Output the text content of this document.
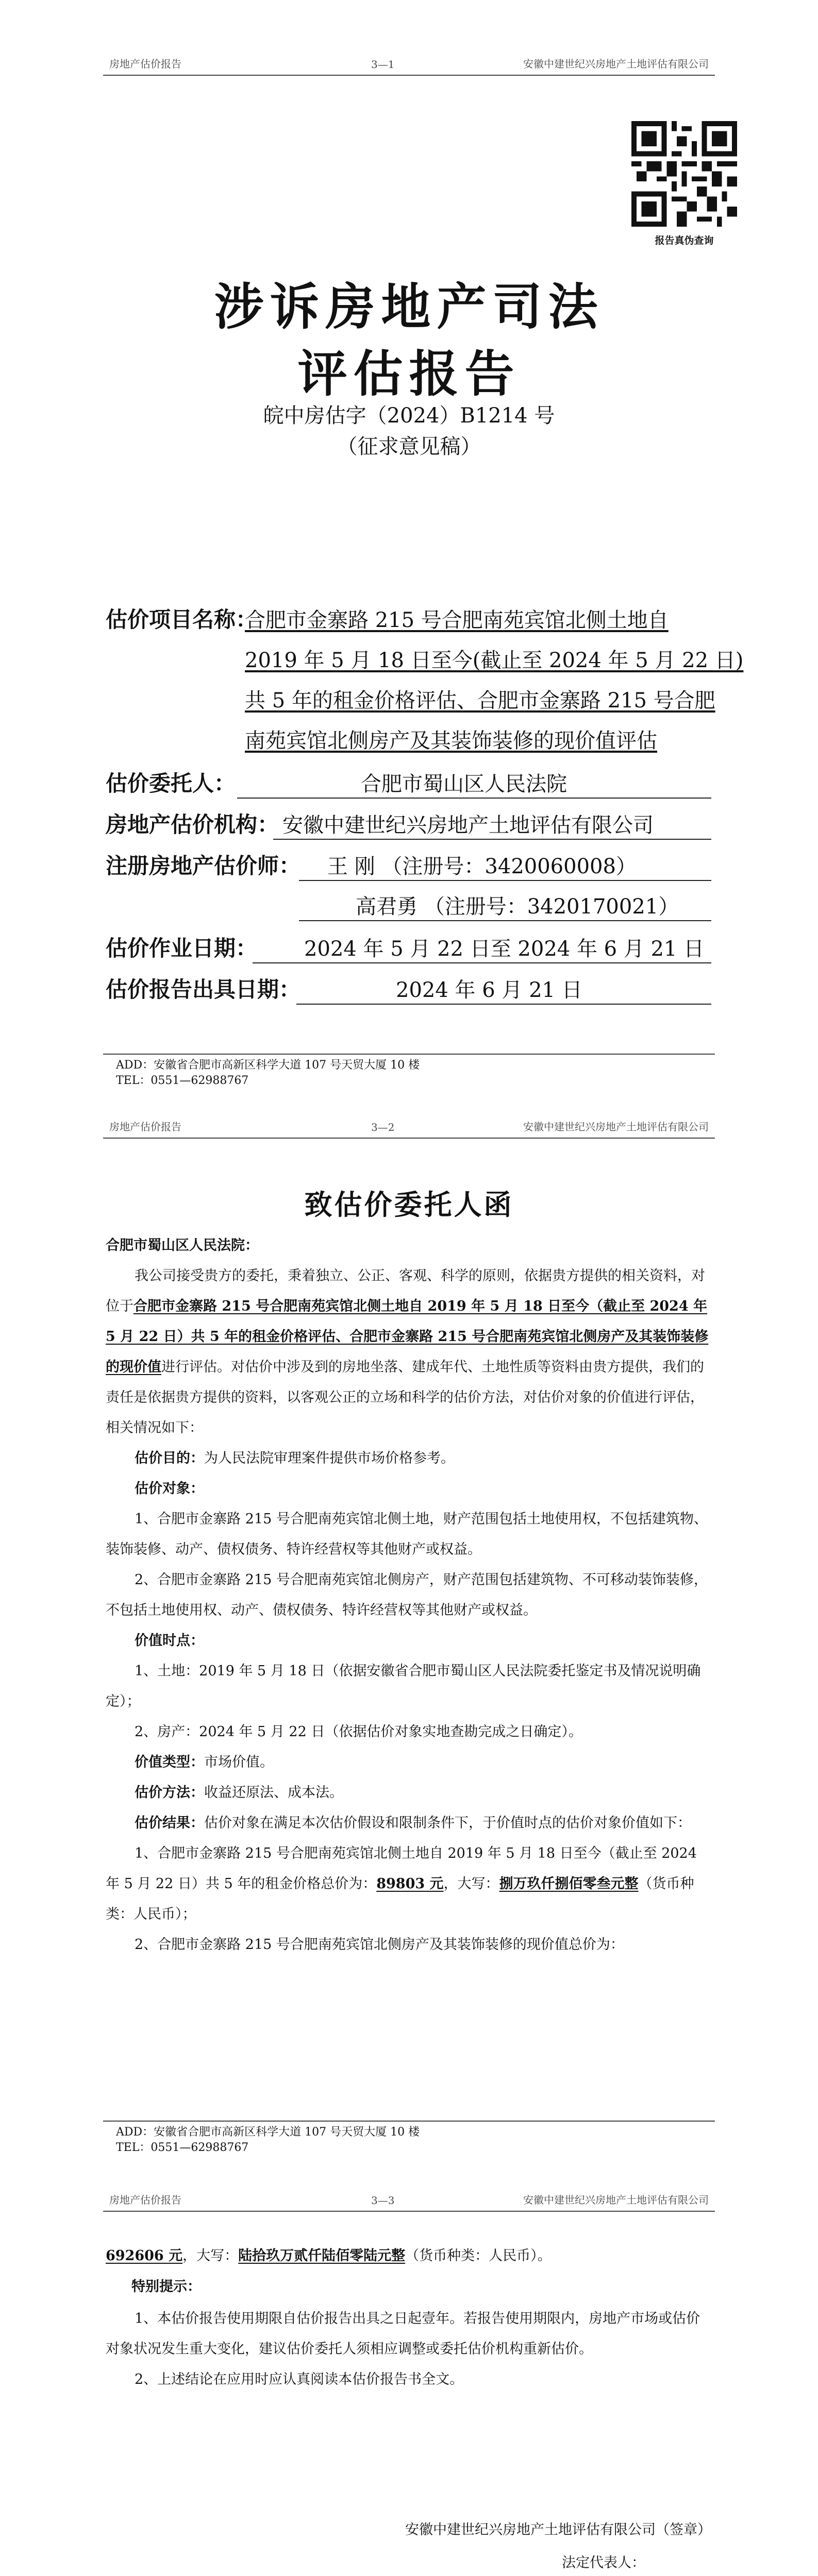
房地产估价报告	3—1	安徽中建世纪兴房地产土地评估有限公司
报告真伪查询
涉诉房地产司法
评估报告
皖中房估字（2024）B1214 号
（征求意见稿）
估价项目名称：
合肥市金寨路 215 号合肥南苑宾馆北侧土地自
2019 年 5 月 18 日至今(截止至 2024 年 5 月 22 日)
共 5 年的租金价格评估、合肥市金寨路 215 号合肥
南苑宾馆北侧房产及其装饰装修的现价值评估
估价委托人：	合肥市蜀山区人民法院
房地产估价机构： 安徽中建世纪兴房地产土地评估有限公司
注册房地产估价师： 王 刚 （注册号：3420060008）
高君勇 （注册号：3420170021）
估价作业日期： 2024 年 5 月 22 日至 2024 年 6 月 21 日
估价报告出具日期：	2024 年 6 月 21 日
ADD：安徽省合肥市高新区科学大道 107 号天贸大厦 10 楼
TEL：0551—62988767
房地产估价报告	3—2	安徽中建世纪兴房地产土地评估有限公司
致估价委托人函

合肥市蜀山区人民法院：

我公司接受贵方的委托，秉着独立、公正、客观、科学的原则，依据贵方提供的相关资料，对位于合肥市金寨路 215 号合肥南苑宾馆北侧土地自 2019 年 5 月 18 日至今（截止至 2024 年 5 月 22 日）共 5 年的租金价格评估、合肥市金寨路 215 号合肥南苑宾馆北侧房产及其装饰装修的现价值进行评估。对估价中涉及到的房地坐落、建成年代、土地性质等资料由贵方提供，我们的责任是依据贵方提供的资料，以客观公正的立场和科学的估价方法，对估价对象的价值进行评估，相关情况如下：

估价目的：为人民法院审理案件提供市场价格参考。

估价对象：

1、合肥市金寨路 215 号合肥南苑宾馆北侧土地，财产范围包括土地使用权，不包括建筑物、装饰装修、动产、债权债务、特许经营权等其他财产或权益。

2、合肥市金寨路 215 号合肥南苑宾馆北侧房产，财产范围包括建筑物、不可移动装饰装修，不包括土地使用权、动产、债权债务、特许经营权等其他财产或权益。

价值时点：

1、土地：2019 年 5 月 18 日（依据安徽省合肥市蜀山区人民法院委托鉴定书及情况说明确定）；

2、房产：2024 年 5 月 22 日（依据估价对象实地查勘完成之日确定）。

价值类型：市场价值。

估价方法：收益还原法、成本法。

估价结果：估价对象在满足本次估价假设和限制条件下，于价值时点的估价对象价值如下：

1、合肥市金寨路 215 号合肥南苑宾馆北侧土地自 2019 年 5 月 18 日至今（截止至 2024 年 5 月 22 日）共 5 年的租金价格总价为：89803 元，大写：捌万玖仟捌佰零叁元整（货币种类：人民币）；

2、合肥市金寨路 215 号合肥南苑宾馆北侧房产及其装饰装修的现价值总价为：

ADD：安徽省合肥市高新区科学大道 107 号天贸大厦 10 楼
TEL：0551—62988767
房地产估价报告	3—3	安徽中建世纪兴房地产土地评估有限公司
692606 元，大写：陆拾玖万贰仟陆佰零陆元整（货币种类：人民币）。
特别提示：

1、本估价报告使用期限自估价报告出具之日起壹年。若报告使用期限内，房地产市场或估价对象状况发生重大变化，建议估价委托人须相应调整或委托估价机构重新估价。

2、上述结论在应用时应认真阅读本估价报告书全文。

安徽中建世纪兴房地产土地评估有限公司（签章）
法定代表人：
